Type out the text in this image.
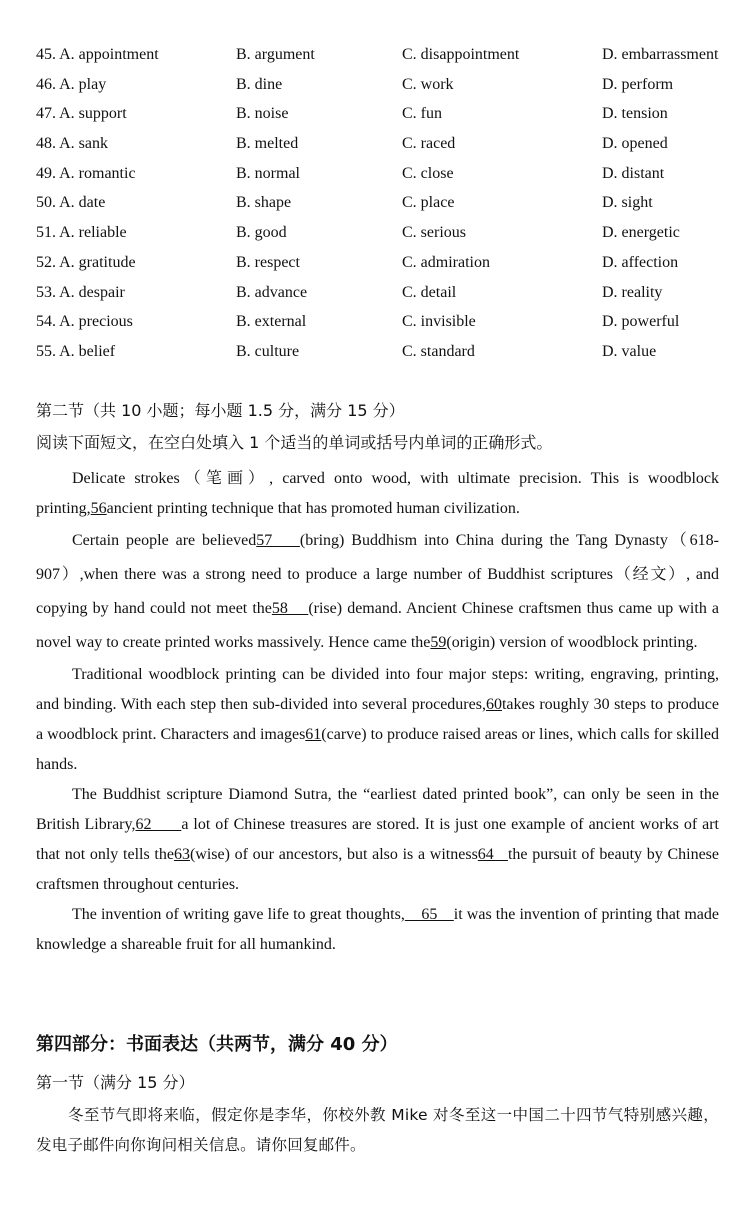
45. A. appointment	B. argument	C. disappointment	D. embarrassment
46. A. play	B. dine	C. work	D. perform
47. A. support	B. noise	C. fun	D. tension
48. A. sank	B. melted	C. raced	D. opened
49. A. romantic	B. normal	C. close	D. distant
50. A. date	B. shape	C. place	D. sight
51. A. reliable	B. good	C. serious	D. energetic
52. A. gratitude	B. respect	C. admiration	D. affection
53. A. despair	B. advance	C. detail	D. reality
54. A. precious	B. external	C. invisible	D. powerful
55. A. belief	B. culture	C. standard	D. value
第二节（共 10 小题；每小题 1.5 分，满分 15 分）
阅读下面短文，在空白处填入 1 个适当的单词或括号内单词的正确形式。

Delicate strokes（笔画）, carved onto wood, with ultimate precision. This is woodblock printing,56ancient printing technique that has promoted human civilization.

Certain people are believed57    (bring) Buddhism into China during the Tang Dynasty（618-907）,when there was a strong need to produce a large number of Buddhist scriptures（经文）, and copying by hand could not meet the58    (rise) demand. Ancient Chinese craftsmen thus came up with a novel way to create printed works massively. Hence came the59(origin) version of woodblock printing.

Traditional woodblock printing can be divided into four major steps: writing, engraving, printing, and binding. With each step then sub-divided into several procedures,60takes roughly 30 steps to produce a woodblock print. Characters and images61(carve) to produce raised areas or lines, which calls for skilled hands.

The Buddhist scripture Diamond Sutra, the “earliest dated printed book”, can only be seen in the British Library,62      a lot of Chinese treasures are stored. It is just one example of ancient works of art that not only tells the63(wise) of our ancestors, but also is a witness64   the pursuit of beauty by Chinese craftsmen throughout centuries.

The invention of writing gave life to great thoughts,    65    it was the invention of printing that made knowledge a shareable fruit for all humankind.

第四部分：书面表达（共两节，满分 40 分）
第一节（满分 15 分）
冬至节气即将来临，假定你是李华，你校外教 Mike 对冬至这一中国二十四节气特别感兴趣，发电子邮件向你询问相关信息。请你回复邮件。
